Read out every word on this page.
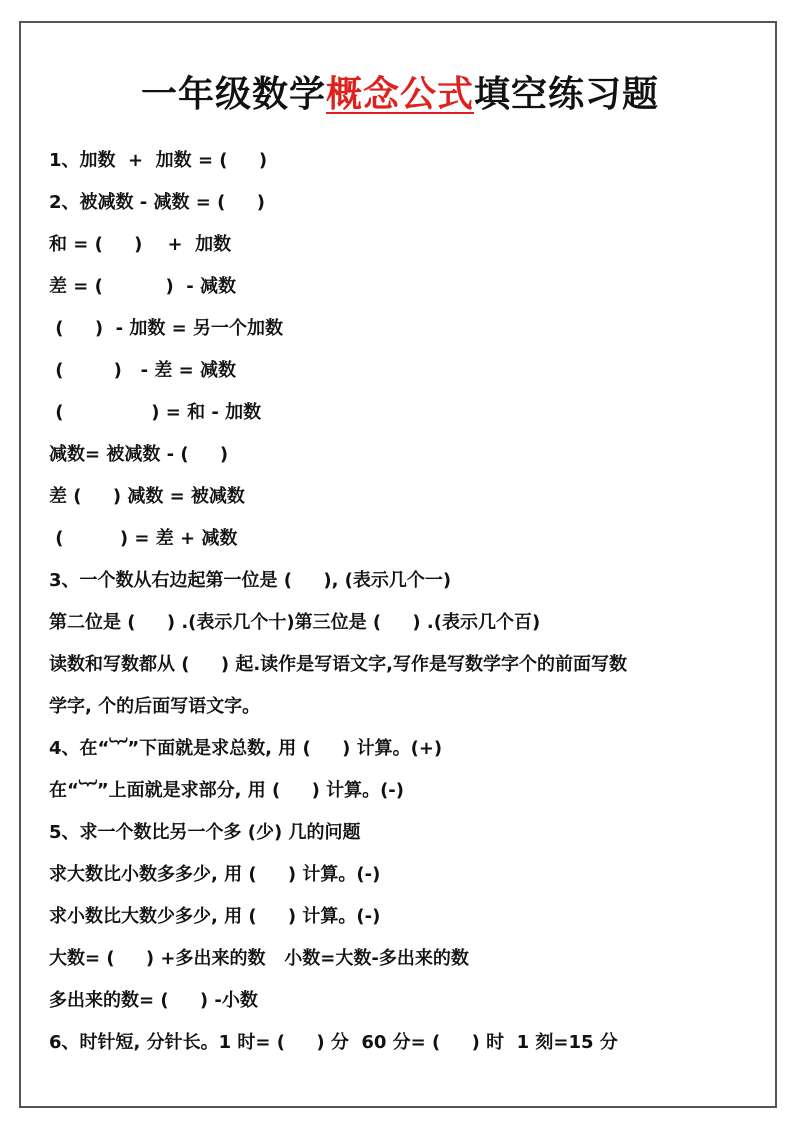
一年级数学概念公式填空练习题
1、加数  +  加数 = (     )
2、被减数 - 减数 = (     )
和 = (     )    +  加数
差 = (          )  - 减数
(     )  - 加数 = 另一个加数
(        )   - 差 = 减数
(              ) = 和 - 加数
减数= 被减数 - (     )
差 (     ) 减数 = 被减数
(         ) = 差 + 减数
3、一个数从右边起第一位是 (     ), (表示几个一)
第二位是 (     ) .(表示几个十)第三位是 (     ) .(表示几个百)
读数和写数都从 (     ) 起.读作是写语文字,写作是写数学字个的前面写数
学字, 个的后面写语文字。
4、在“︸”下面就是求总数, 用 (     ) 计算。(+)
在“︸”上面就是求部分, 用 (     ) 计算。(-)
5、求一个数比另一个多 (少) 几的问题
求大数比小数多多少, 用 (     ) 计算。(-)
求小数比大数少多少, 用 (     ) 计算。(-)
大数= (     ) +多出来的数   小数=大数-多出来的数
多出来的数= (     ) -小数
6、时针短, 分针长。1 时= (     ) 分  60 分= (     ) 时  1 刻=15 分
